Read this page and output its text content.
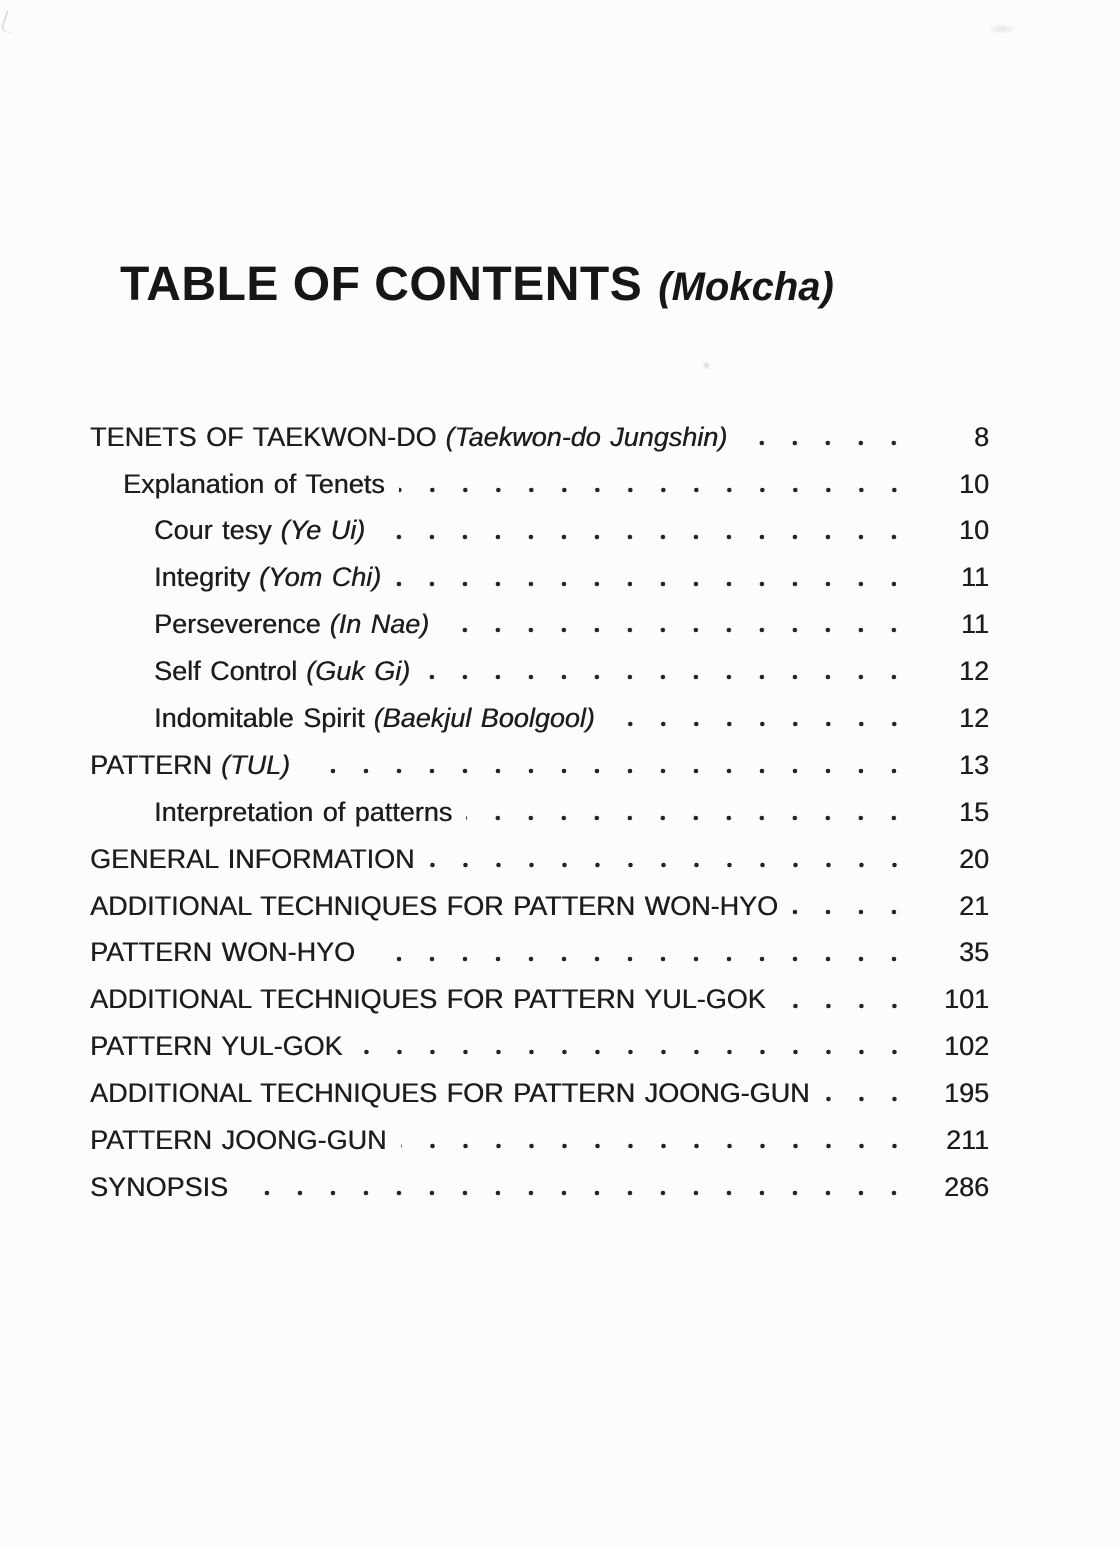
TABLE OF CONTENTS (Mokcha)
TENETS OF TAEKWON-DO (Taekwon-do Jungshin)	8
Explanation of Tenets	10
Cour tesy (Ye Ui)	10
Integrity (Yom Chi)	11
Perseverence (In Nae)	11
Self Control (Guk Gi)	12
Indomitable Spirit (Baekjul Boolgool)	12
PATTERN (TUL)	13
Interpretation of patterns	15
GENERAL INFORMATION	20
ADDITIONAL TECHNIQUES FOR PATTERN WON-HYO	21
PATTERN WON-HYO	35
ADDITIONAL TECHNIQUES FOR PATTERN YUL-GOK	101
PATTERN YUL-GOK	102
ADDITIONAL TECHNIQUES FOR PATTERN JOONG-GUN	195
PATTERN JOONG-GUN	211
SYNOPSIS	286
